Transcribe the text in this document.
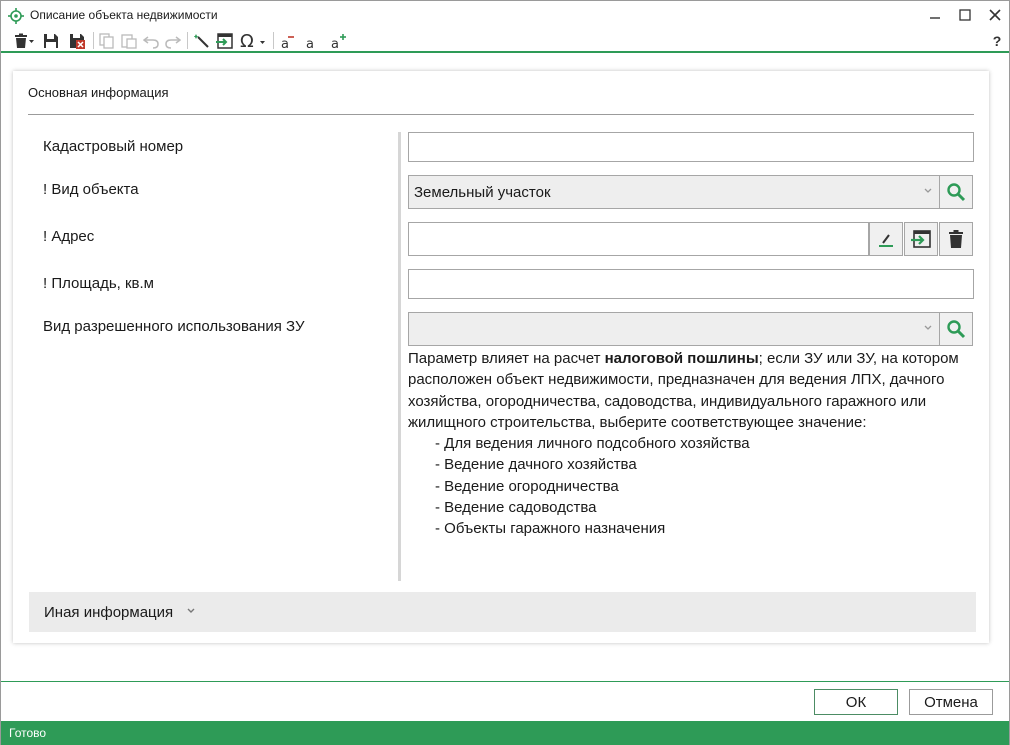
Описание объекта недвижимости
Ω a a a	?
Основная информация
Кадастровый номер
! Вид объекта
! Адрес
! Площадь, кв.м
Вид разрешенного использования ЗУ
Земельный участок
Параметр влияет на расчет налоговой пошлины; если ЗУ или ЗУ, на котором расположен объект недвижимости, предназначен для ведения ЛПХ, дачного хозяйства, огородничества, садоводства, индивидуального гаражного или жилищного строительства, выберите соответствующее значение:
- Для ведения личного подсобного хозяйства
- Ведение дачного хозяйства
- Ведение огородничества
- Ведение садоводства
- Объекты гаражного назначения
Иная информация
ОК	Отмена
Готово
